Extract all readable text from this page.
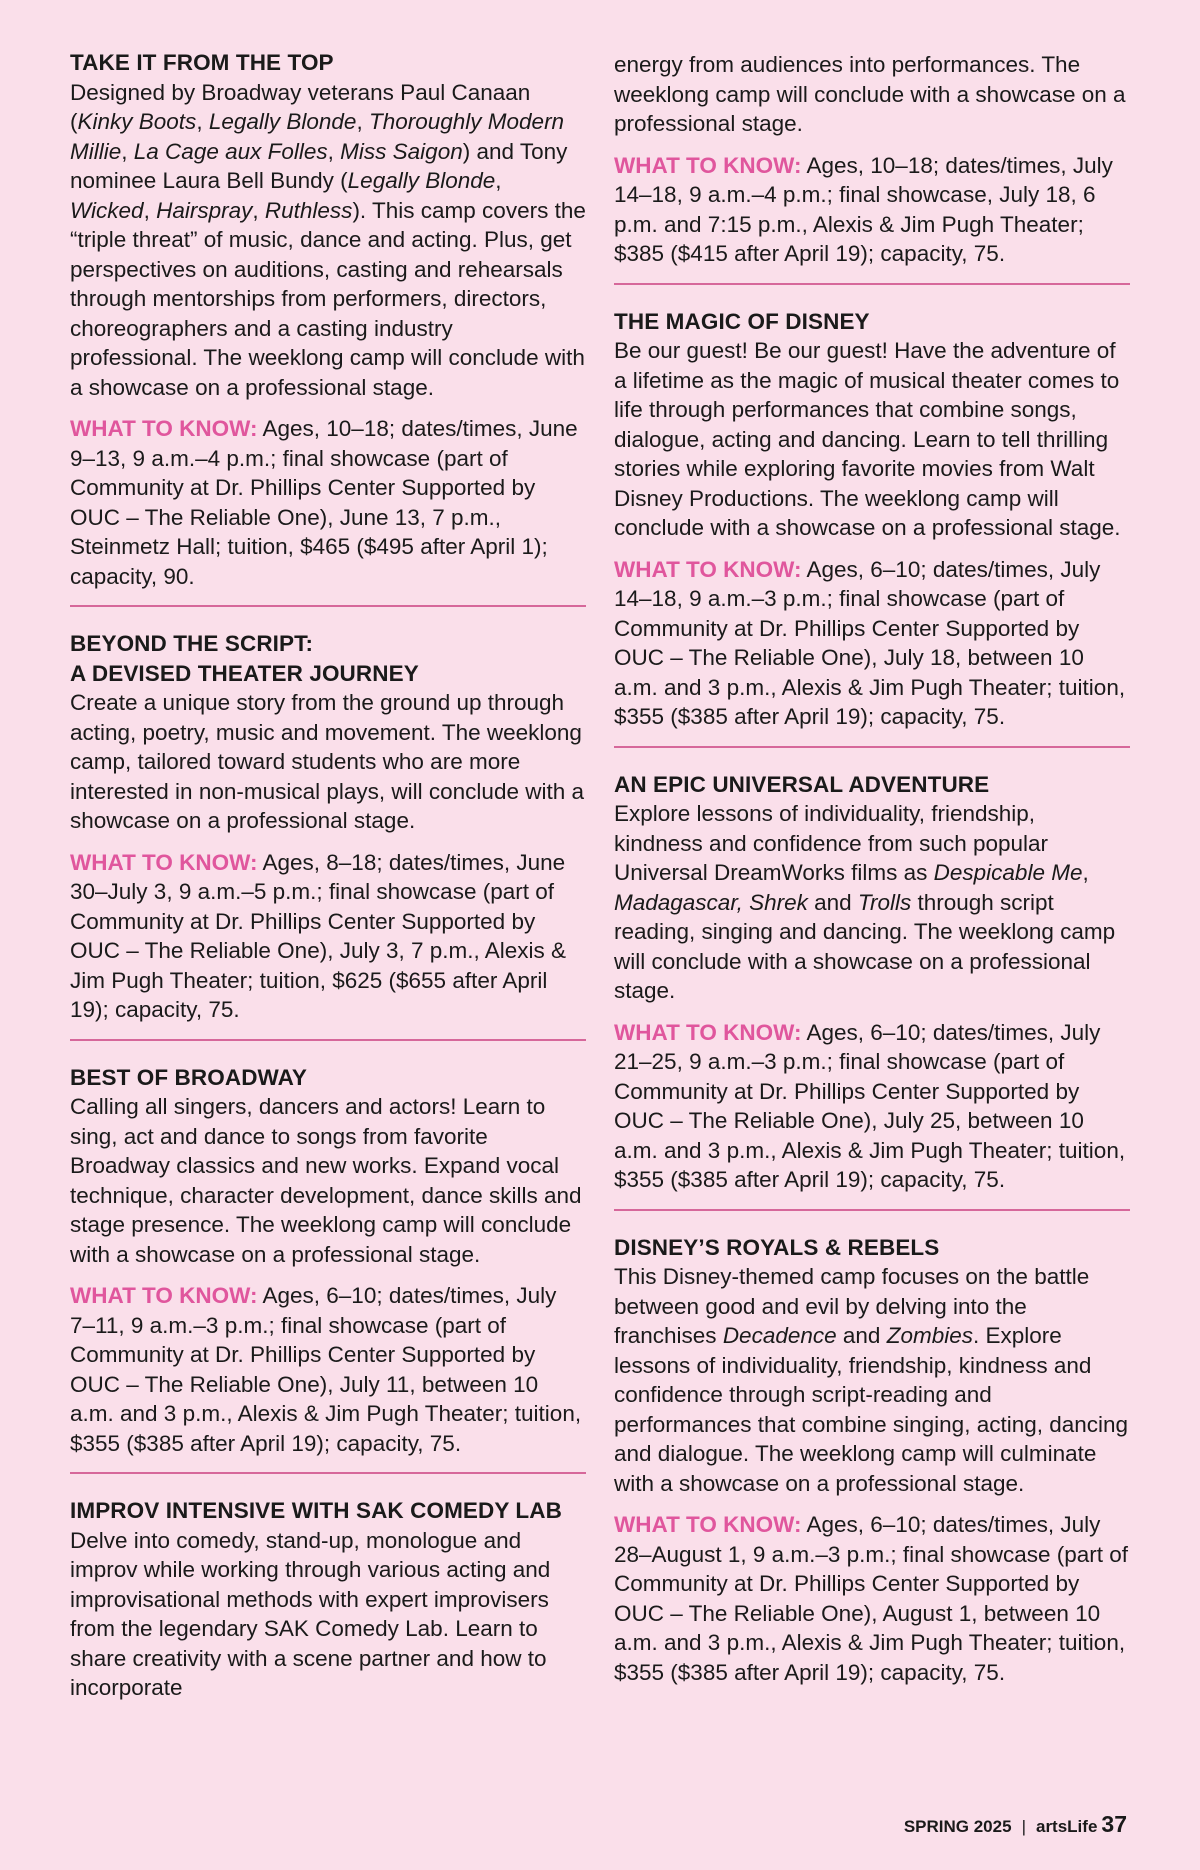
TAKE IT FROM THE TOP

Designed by Broadway veterans Paul Canaan (Kinky Boots, Legally Blonde, Thoroughly Modern Millie, La Cage aux Folles, Miss Saigon) and Tony nominee Laura Bell Bundy (Legally Blonde, Wicked, Hairspray, Ruthless). This camp covers the “triple threat” of music, dance and acting. Plus, get perspectives on auditions, casting and rehearsals through mentorships from performers, directors, choreographers and a casting industry professional. The weeklong camp will conclude with a showcase on a professional stage.

WHAT TO KNOW: Ages, 10–18; dates/times, June 9–13, 9 a.m.–4 p.m.; final showcase (part of Community at Dr. Phillips Center Supported by OUC – The Reliable One), June 13, 7 p.m., Steinmetz Hall; tuition, $465 ($495 after April 1); capacity, 90.

BEYOND THE SCRIPT:
A DEVISED THEATER JOURNEY

Create a unique story from the ground up through acting, poetry, music and movement. The weeklong camp, tailored toward students who are more interested in non-musical plays, will conclude with a showcase on a professional stage.

WHAT TO KNOW: Ages, 8–18; dates/times, June 30–July 3, 9 a.m.–5 p.m.; final showcase (part of Community at Dr. Phillips Center Supported by OUC – The Reliable One), July 3, 7 p.m., Alexis & Jim Pugh Theater; tuition, $625 ($655 after April 19); capacity, 75.

BEST OF BROADWAY

Calling all singers, dancers and actors! Learn to sing, act and dance to songs from favorite Broadway classics and new works. Expand vocal technique, character development, dance skills and stage presence. The weeklong camp will conclude with a showcase on a professional stage.

WHAT TO KNOW: Ages, 6–10; dates/times, July 7–11, 9 a.m.–3 p.m.; final showcase (part of Community at Dr. Phillips Center Supported by OUC – The Reliable One), July 11, between 10 a.m. and 3 p.m., Alexis & Jim Pugh Theater; tuition, $355 ($385 after April 19); capacity, 75.

IMPROV INTENSIVE WITH SAK COMEDY LAB

Delve into comedy, stand-up, monologue and improv while working through various acting and improvisational methods with expert improvisers from the legendary SAK Comedy Lab. Learn to share creativity with a scene partner and how to incorporate

energy from audiences into performances. The weeklong camp will conclude with a showcase on a professional stage.

WHAT TO KNOW: Ages, 10–18; dates/times, July 14–18, 9 a.m.–4 p.m.; final showcase, July 18, 6 p.m. and 7:15 p.m., Alexis & Jim Pugh Theater; $385 ($415 after April 19); capacity, 75.

THE MAGIC OF DISNEY

Be our guest! Be our guest! Have the adventure of a lifetime as the magic of musical theater comes to life through performances that combine songs, dialogue, acting and dancing. Learn to tell thrilling stories while exploring favorite movies from Walt Disney Productions. The weeklong camp will conclude with a showcase on a professional stage.

WHAT TO KNOW: Ages, 6–10; dates/times, July 14–18, 9 a.m.–3 p.m.; final showcase (part of Community at Dr. Phillips Center Supported by OUC – The Reliable One), July 18, between 10 a.m. and 3 p.m., Alexis & Jim Pugh Theater; tuition, $355 ($385 after April 19); capacity, 75.

AN EPIC UNIVERSAL ADVENTURE

Explore lessons of individuality, friendship, kindness and confidence from such popular Universal DreamWorks films as Despicable Me, Madagascar, Shrek and Trolls through script reading, singing and dancing. The weeklong camp will conclude with a showcase on a professional stage.

WHAT TO KNOW: Ages, 6–10; dates/times, July 21–25, 9 a.m.–3 p.m.; final showcase (part of Community at Dr. Phillips Center Supported by OUC – The Reliable One), July 25, between 10 a.m. and 3 p.m., Alexis & Jim Pugh Theater; tuition, $355 ($385 after April 19); capacity, 75.

DISNEY’S ROYALS & REBELS

This Disney-themed camp focuses on the battle between good and evil by delving into the franchises Decadence and Zombies. Explore lessons of individuality, friendship, kindness and confidence through script-reading and performances that combine singing, acting, dancing and dialogue. The weeklong camp will culminate with a showcase on a professional stage.

WHAT TO KNOW: Ages, 6–10; dates/times, July 28–August 1, 9 a.m.–3 p.m.; final showcase (part of Community at Dr. Phillips Center Supported by OUC – The Reliable One), August 1, between 10 a.m. and 3 p.m., Alexis & Jim Pugh Theater; tuition, $355 ($385 after April 19); capacity, 75.

SPRING 2025 | artsLife 37
